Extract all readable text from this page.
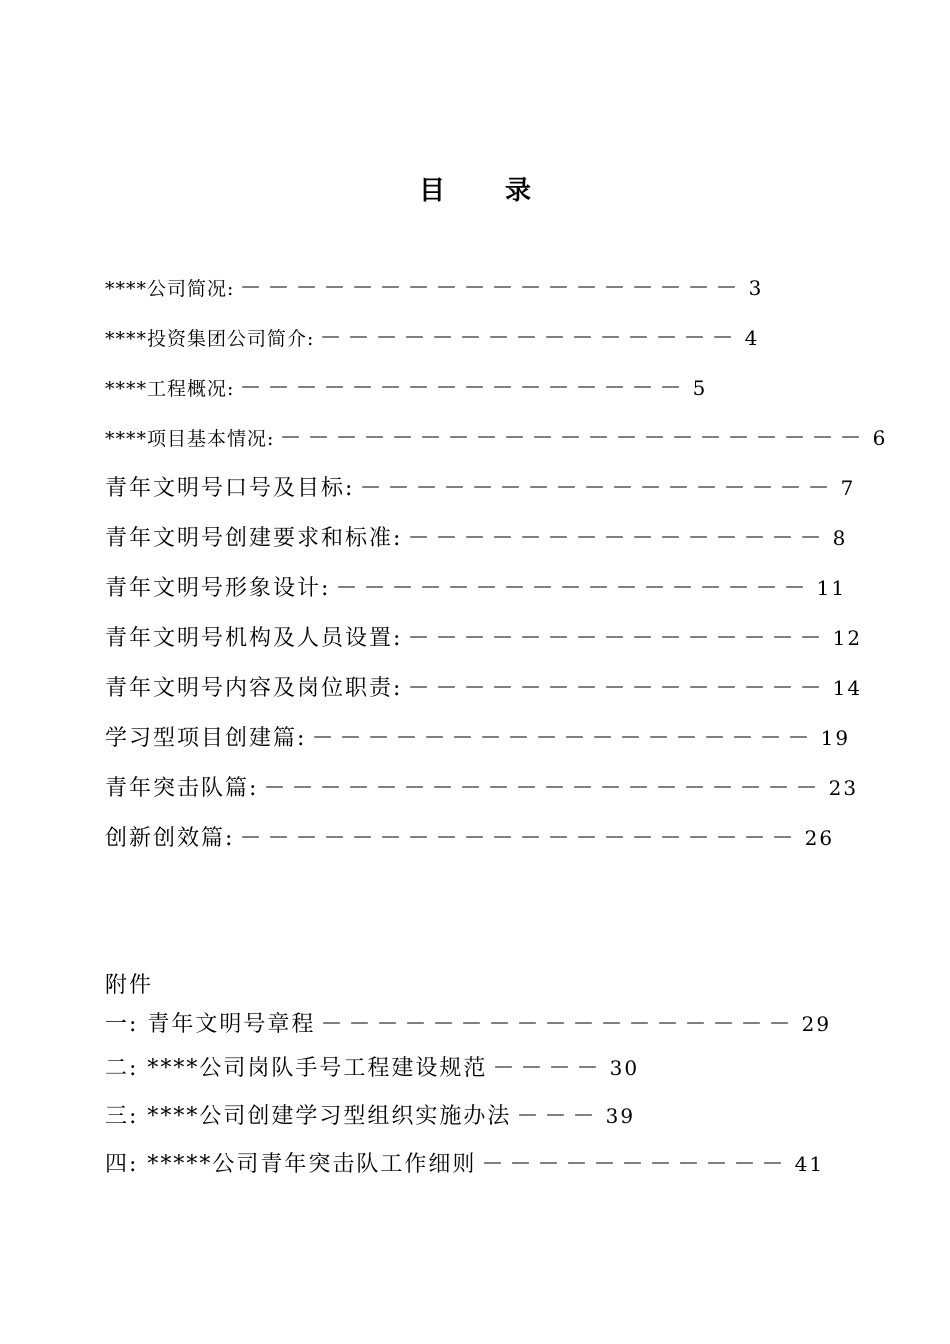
目 录
****公司简况: －－－－－－－－－－－－－－－－－－ 3
****投资集团公司简介: －－－－－－－－－－－－－－－ 4
****工程概况: －－－－－－－－－－－－－－－－ 5
****项目基本情况: －－－－－－－－－－－－－－－－－－－－－ 6
青年文明号口号及目标: －－－－－－－－－－－－－－－－－ 7
青年文明号创建要求和标准: －－－－－－－－－－－－－－－ 8
青年文明号形象设计: －－－－－－－－－－－－－－－－－ 11
青年文明号机构及人员设置: －－－－－－－－－－－－－－－ 12
青年文明号内容及岗位职责: －－－－－－－－－－－－－－－ 14
学习型项目创建篇: －－－－－－－－－－－－－－－－－－ 19
青年突击队篇: －－－－－－－－－－－－－－－－－－－－ 23
创新创效篇: －－－－－－－－－－－－－－－－－－－－ 26
附件
一: 青年文明号章程 －－－－－－－－－－－－－－－－－ 29
二: ****公司岗队手号工程建设规范 －－－－ 30
三: ****公司创建学习型组织实施办法 －－－ 39
四: *****公司青年突击队工作细则 －－－－－－－－－－－ 41
